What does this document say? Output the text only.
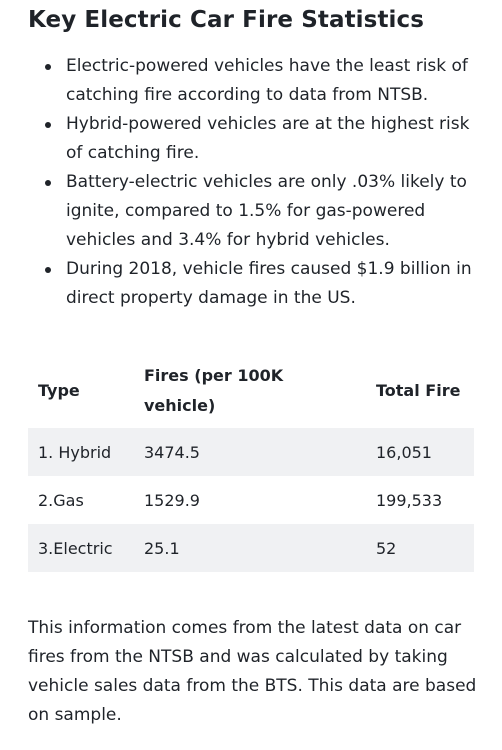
Key Electric Car Fire Statistics
Electric-powered vehicles have the least risk of catching fire according to data from NTSB.
Hybrid-powered vehicles are at the highest risk of catching fire.
Battery-electric vehicles are only .03% likely to ignite, compared to 1.5% for gas-powered vehicles and 3.4% for hybrid vehicles.
During 2018, vehicle fires caused $1.9 billion in direct property damage in the US.
Type	Fires (per 100K vehicle)	Total Fire
1. Hybrid	3474.5	16,051
2.Gas	1529.9	199,533
3.Electric	25.1	52

This information comes from the latest data on car fires from the NTSB and was calculated by taking vehicle sales data from the BTS. This data are based on sample.
